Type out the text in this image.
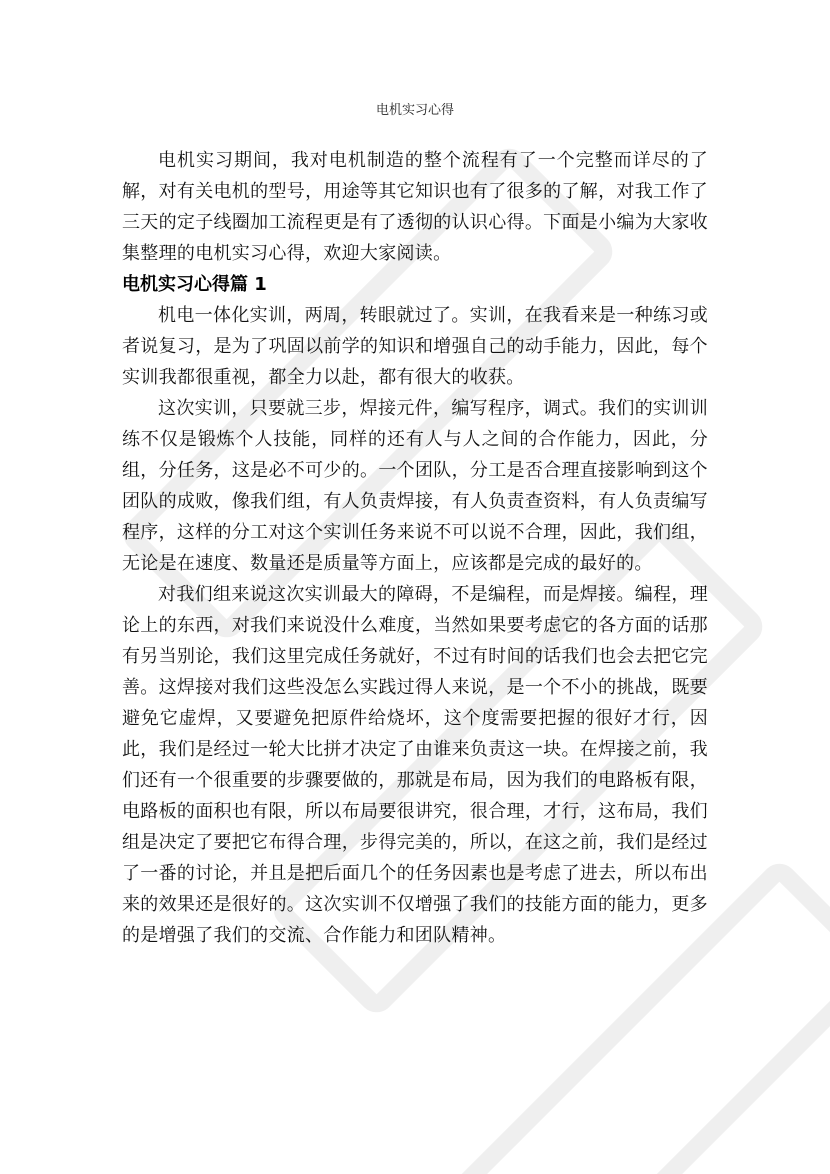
电机实习心得

电机实习期间，我对电机制造的整个流程有了一个完整而详尽的了解，对有关电机的型号，用途等其它知识也有了很多的了解，对我工作了三天的定子线圈加工流程更是有了透彻的认识心得。下面是小编为大家收集整理的电机实习心得，欢迎大家阅读。

电机实习心得篇 1

机电一体化实训，两周，转眼就过了。实训，在我看来是一种练习或者说复习，是为了巩固以前学的知识和增强自己的动手能力，因此，每个实训我都很重视，都全力以赴，都有很大的收获。

这次实训，只要就三步，焊接元件，编写程序，调式。我们的实训训练不仅是锻炼个人技能，同样的还有人与人之间的合作能力，因此，分组，分任务，这是必不可少的。一个团队，分工是否合理直接影响到这个团队的成败，像我们组，有人负责焊接，有人负责查资料，有人负责编写程序，这样的分工对这个实训任务来说不可以说不合理，因此，我们组，无论是在速度、数量还是质量等方面上，应该都是完成的最好的。

对我们组来说这次实训最大的障碍，不是编程，而是焊接。编程，理论上的东西，对我们来说没什么难度，当然如果要考虑它的各方面的话那有另当别论，我们这里完成任务就好，不过有时间的话我们也会去把它完善。这焊接对我们这些没怎么实践过得人来说，是一个不小的挑战，既要避免它虚焊，又要避免把原件给烧坏，这个度需要把握的很好才行，因此，我们是经过一轮大比拼才决定了由谁来负责这一块。在焊接之前，我们还有一个很重要的步骤要做的，那就是布局，因为我们的电路板有限，电路板的面积也有限，所以布局要很讲究，很合理，才行，这布局，我们组是决定了要把它布得合理，步得完美的，所以，在这之前，我们是经过了一番的讨论，并且是把后面几个的任务因素也是考虑了进去，所以布出来的效果还是很好的。这次实训不仅增强了我们的技能方面的能力，更多的是增强了我们的交流、合作能力和团队精神。
